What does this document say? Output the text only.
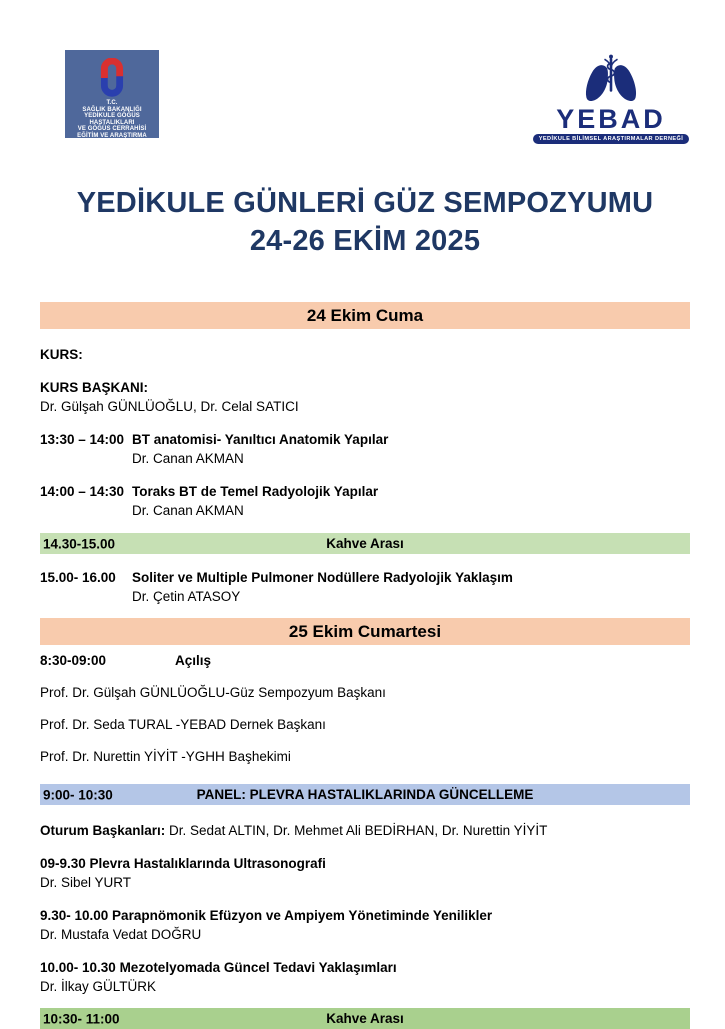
T.C.
SAĞLIK BAKANLIĞI
YEDİKULE GÖĞÜS HASTALIKLARI
VE GÖĞÜS CERRAHİSİ
EĞİTİM VE ARAŞTIRMA HASTANESİ
YEBAD
YEDİKULE BİLİMSEL ARAŞTIRMALAR DERNEĞİ
YEDİKULE GÜNLERİ GÜZ SEMPOZYUMU
24-26 EKİM 2025
24 Ekim Cuma
KURS:
KURS BAŞKANI:
Dr. Gülşah GÜNLÜOĞLU, Dr. Celal SATICI
13:30 – 14:00 BT anatomisi- Yanıltıcı Anatomik Yapılar
Dr. Canan AKMAN
14:00 – 14:30 Toraks BT de Temel Radyolojik Yapılar
Dr. Canan AKMAN
14.30-15.00	Kahve Arası
15.00- 16.00	Soliter ve Multiple Pulmoner Nodüllere Radyolojik Yaklaşım
Dr. Çetin ATASOY
25 Ekim Cumartesi
8:30-09:00	Açılış
Prof. Dr. Gülşah GÜNLÜOĞLU-Güz Sempozyum Başkanı
Prof. Dr. Seda TURAL -YEBAD Dernek Başkanı
Prof. Dr. Nurettin YİYİT -YGHH Başhekimi
9:00- 10:30	PANEL: PLEVRA HASTALIKLARINDA GÜNCELLEME
Oturum Başkanları: Dr. Sedat ALTIN, Dr. Mehmet Ali BEDİRHAN, Dr. Nurettin YİYİT
09-9.30 Plevra Hastalıklarında Ultrasonografi
Dr. Sibel YURT
9.30- 10.00 Parapnömonik Efüzyon ve Ampiyem Yönetiminde Yenilikler
Dr. Mustafa Vedat DOĞRU
10.00- 10.30 Mezotelyomada Güncel Tedavi Yaklaşımları
Dr. İlkay GÜLTÜRK
10:30- 11:00	Kahve Arası
